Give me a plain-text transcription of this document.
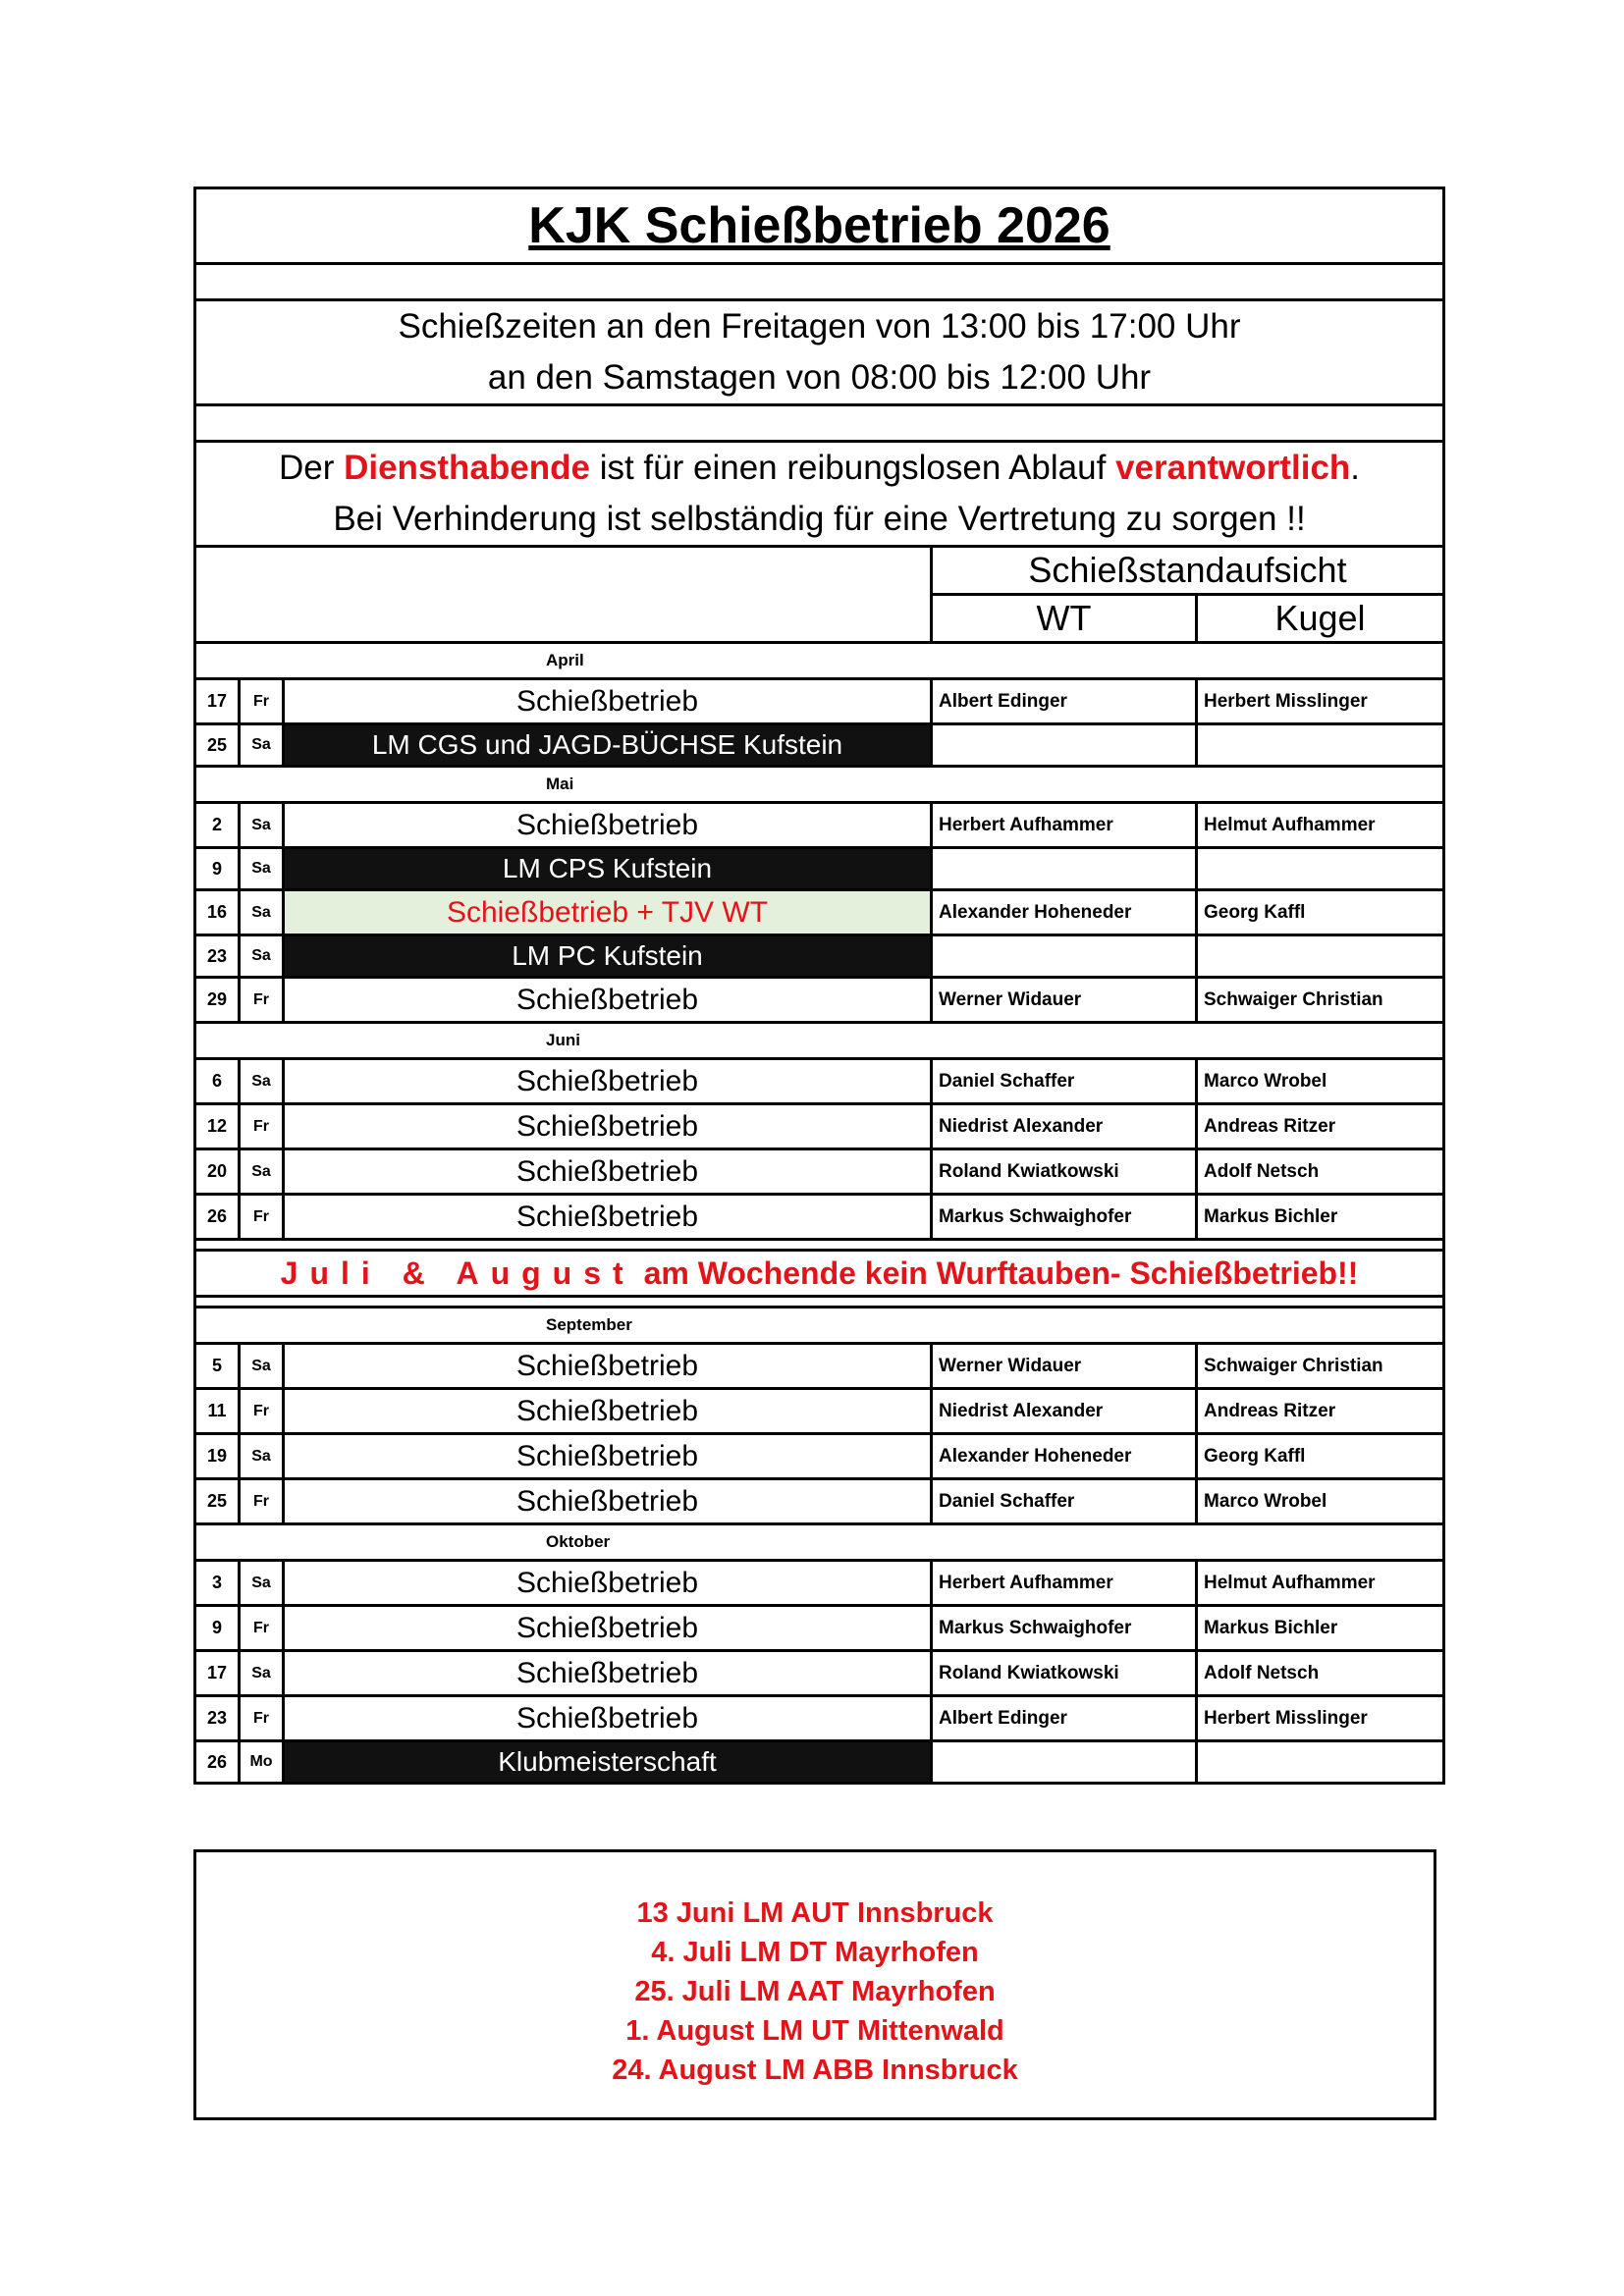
KJK Schießbetrieb 2026				

Schießzeiten an den Freitagen von 13:00 bis 17:00 Uhr
an den Samstagen von 08:00 bis 12:00 Uhr				

Der Diensthabende ist für einen reibungslosen Ablauf verantwortlich.
Bei Verhinderung ist selbständig für eine Vertretung zu sorgen !!				

			Schießstandaufsicht	
			WT	Kugel
April				
17	Fr	Schießbetrieb	Albert Edinger	Herbert Misslinger
25	Sa	LM CGS und JAGD-BÜCHSE Kufstein		
Mai				
2	Sa	Schießbetrieb	Herbert Aufhammer	Helmut Aufhammer
9	Sa	LM CPS Kufstein		
16	Sa	Schießbetrieb + TJV WT	Alexander Hoheneder	Georg Kaffl
23	Sa	LM PC Kufstein		
29	Fr	Schießbetrieb	Werner Widauer	Schwaiger Christian
Juni				
6	Sa	Schießbetrieb	Daniel Schaffer	Marco Wrobel
12	Fr	Schießbetrieb	Niedrist Alexander	Andreas Ritzer
20	Sa	Schießbetrieb	Roland Kwiatkowski	Adolf Netsch
26	Fr	Schießbetrieb	Markus Schwaighofer	Markus Bichler

Juli & August am Wochende kein Wurftauben- Schießbetrieb!!				

September				
5	Sa	Schießbetrieb	Werner Widauer	Schwaiger Christian
11	Fr	Schießbetrieb	Niedrist Alexander	Andreas Ritzer
19	Sa	Schießbetrieb	Alexander Hoheneder	Georg Kaffl
25	Fr	Schießbetrieb	Daniel Schaffer	Marco Wrobel
Oktober				
3	Sa	Schießbetrieb	Herbert Aufhammer	Helmut Aufhammer
9	Fr	Schießbetrieb	Markus Schwaighofer	Markus Bichler
17	Sa	Schießbetrieb	Roland Kwiatkowski	Adolf Netsch
23	Fr	Schießbetrieb	Albert Edinger	Herbert Misslinger
26	Mo	Klubmeisterschaft		
13 Juni LM AUT Innsbruck
4. Juli LM DT Mayrhofen
25. Juli LM AAT Mayrhofen
1. August LM UT Mittenwald
24. August LM ABB Innsbruck
